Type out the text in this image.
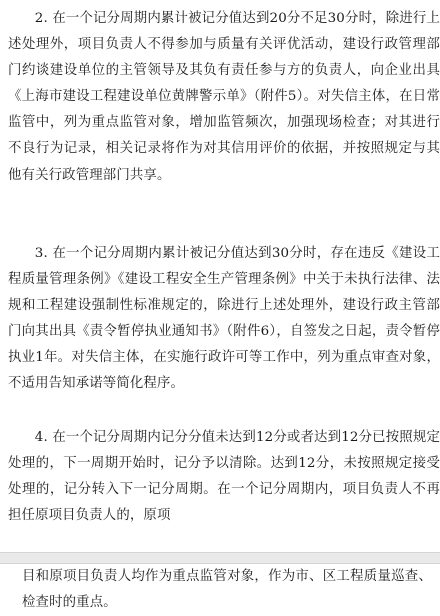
2. 在一个记分周期内累计被记分值达到20分不足30分时，除进行上述处理外，项目负责人不得参加与质量有关评优活动，建设行政管理部门约谈建设单位的主管领导及其负有责任参与方的负责人，向企业出具《上海市建设工程建设单位黄牌警示单》（附件5）。对失信主体，在日常监管中，列为重点监管对象，增加监管频次，加强现场检查；对其进行不良行为记录，相关记录将作为对其信用评价的依据，并按照规定与其他有关行政管理部门共享。

3. 在一个记分周期内累计被记分值达到30分时，存在违反《建设工程质量管理条例》《建设工程安全生产管理条例》中关于未执行法律、法规和工程建设强制性标准规定的，除进行上述处理外，建设行政主管部门向其出具《责令暂停执业通知书》（附件6），自签发之日起，责令暂停执业1年。对失信主体，在实施行政许可等工作中，列为重点审查对象，不适用告知承诺等简化程序。

4. 在一个记分周期内记分分值未达到12分或者达到12分已按照规定处理的，下一周期开始时，记分予以清除。达到12分，未按照规定接受处理的，记分转入下一记分周期。在一个记分周期内，项目负责人不再担任原项目负责人的，原项

目和原项目负责人均作为重点监管对象，作为市、区工程质量巡查、检查时的重点。
